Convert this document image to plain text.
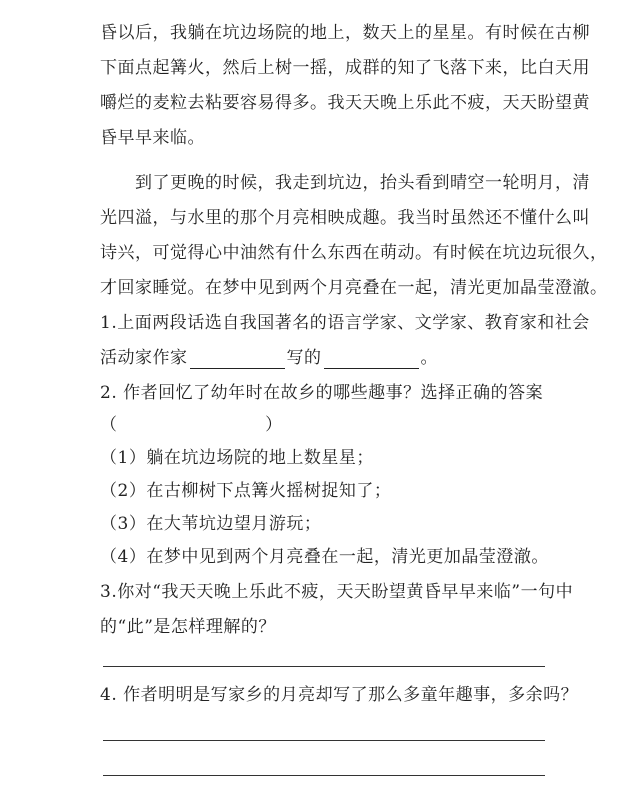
昏以后，我躺在坑边场院的地上，数天上的星星。有时候在古柳
下面点起篝火，然后上树一摇，成群的知了飞落下来，比白天用
嚼烂的麦粒去粘要容易得多。我天天晚上乐此不疲，天天盼望黄
昏早早来临。
到了更晚的时候，我走到坑边，抬头看到晴空一轮明月，清
光四溢，与水里的那个月亮相映成趣。我当时虽然还不懂什么叫
诗兴，可觉得心中油然有什么东西在萌动。有时候在坑边玩很久，
才回家睡觉。在梦中见到两个月亮叠在一起，清光更加晶莹澄澈。
1.上面两段话选自我国著名的语言学家、文学家、教育家和社会
活动家作家	写的	。
2. 作者回忆了幼年时在故乡的哪些趣事？选择正确的答案
（                         ）
（1）躺在坑边场院的地上数星星；
（2）在古柳树下点篝火摇树捉知了；
（3）在大苇坑边望月游玩；
（4）在梦中见到两个月亮叠在一起，清光更加晶莹澄澈。
3.你对“我天天晚上乐此不疲，天天盼望黄昏早早来临”一句中
的“此”是怎样理解的？
4. 作者明明是写家乡的月亮却写了那么多童年趣事，多余吗？
